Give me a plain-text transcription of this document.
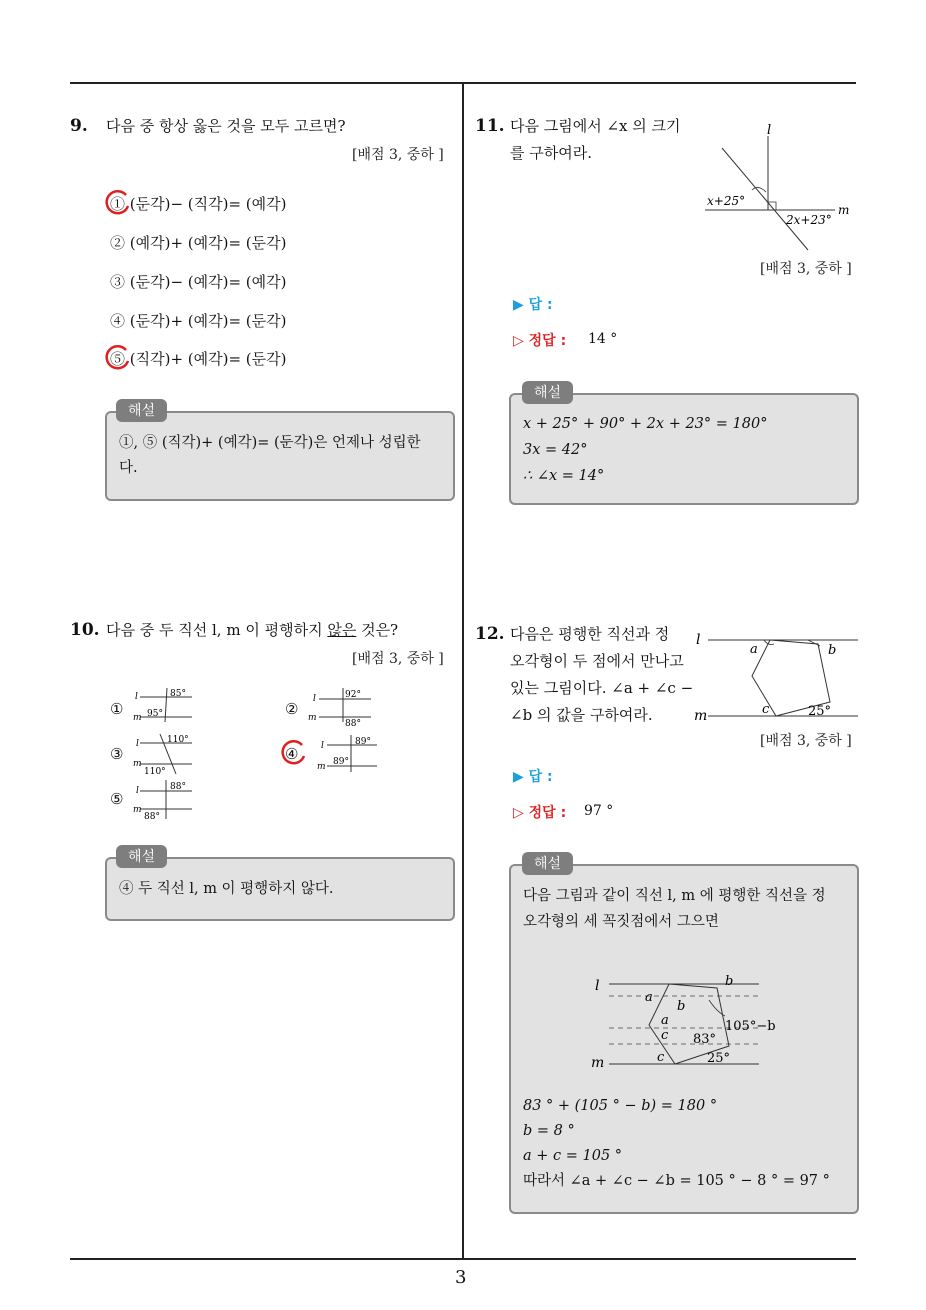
3
9. 다음 중 항상 옳은 것을 모두 고르면?
[배점 3, 중하 ]
① (둔각)− (직각)= (예각)
② (예각)+ (예각)= (둔각)
③ (둔각)− (예각)= (예각)
④ (둔각)+ (예각)= (둔각)
⑤ (직각)+ (예각)= (둔각)
①, ⑤ (직각)+ (예각)= (둔각)은 언제나 성립한
다.
해설
10. 다음 중 두 직선 l, m 이 평행하지 않은 것은?
[배점 3, 중하 ]
①	②
③	④
⑤
l
m
85°
95°
l
m
92°
88°
l
m
110°
110°
l
m
89°
89°
l
m
88°
88°
④ 두 직선 l, m 이 평행하지 않다.
해설
11. 다음 그림에서 ∠x 의 크기
를 구하여라.
l
m
x+25°
2x+23°
[배점 3, 중하 ]
▶ 답 :
▷ 정답 : 14 °
x + 25° + 90° + 2x + 23° = 180°
3x = 42°
∴ ∠x = 14°
해설
12. 다음은 평행한 직선과 정
오각형이 두 점에서 만나고
있는 그림이다. ∠a + ∠c −
∠b 의 값을 구하여라.
l
m
a	b
c	25°
[배점 3, 중하 ]
▶ 답 :
▷ 정답 : 97 °
다음 그림과 같이 직선 l, m 에 평행한 직선을 정
오각형의 세 꼭짓점에서 그으면
l
m
b
a
b
a
c
c
83°
105°−b
25°
83 ° + (105 ° − b) = 180 °
b = 8 °
a + c = 105 °
따라서 ∠a + ∠c − ∠b = 105 ° − 8 ° = 97 °
해설
